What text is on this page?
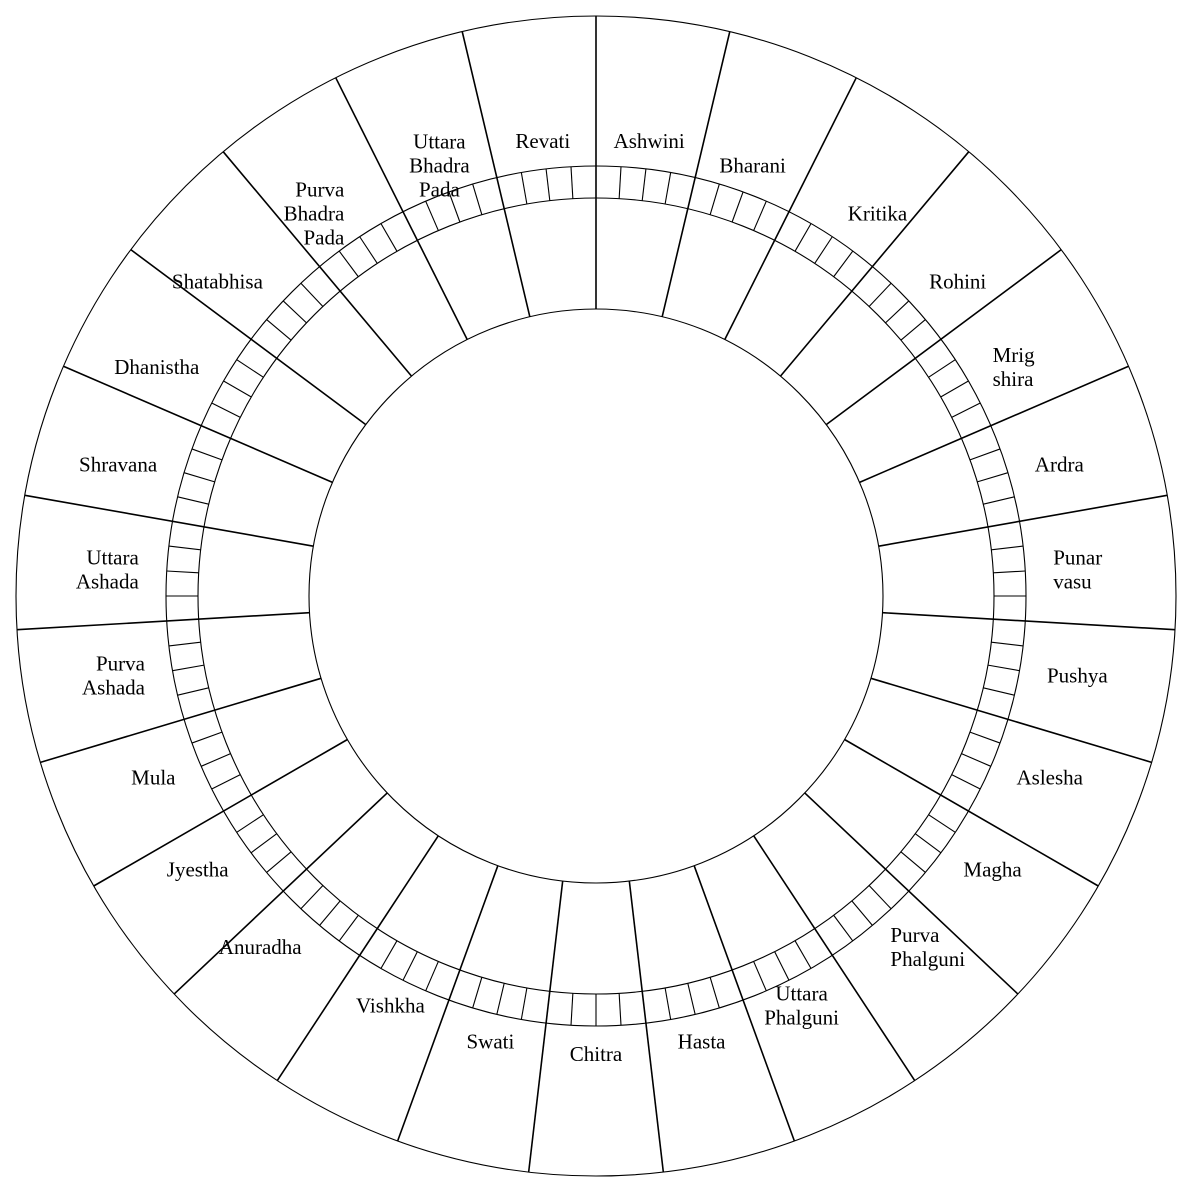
Ashwini
Bharani
Kritika
Rohini
Mrig shira
Ardra
Punar vasu
Pushya
Aslesha
Magha
Purva Phalguni
Uttara Phalguni
Hasta
Chitra
Swati
Vishkha
Anuradha
Jyestha
Mula
Purva Ashada
Uttara Ashada
Shravana
Dhanistha
Shatabhisa
Purva Bhadra Pada
Uttara Bhadra Pada
Revati
